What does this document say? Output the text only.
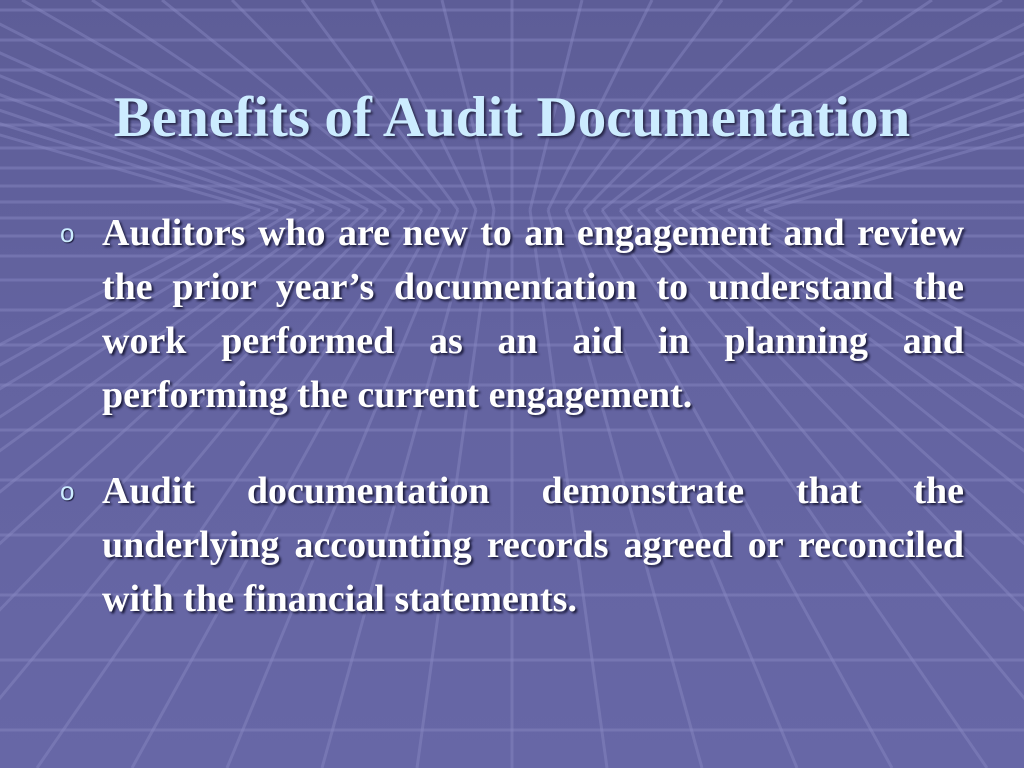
Benefits of Audit Documentation
o Auditors who are new to an engagement and review the prior year’s documentation to understand the work performed as an aid in planning and performing the current engagement.
o Audit documentation demonstrate that the underlying accounting records agreed or reconciled with the financial statements.
